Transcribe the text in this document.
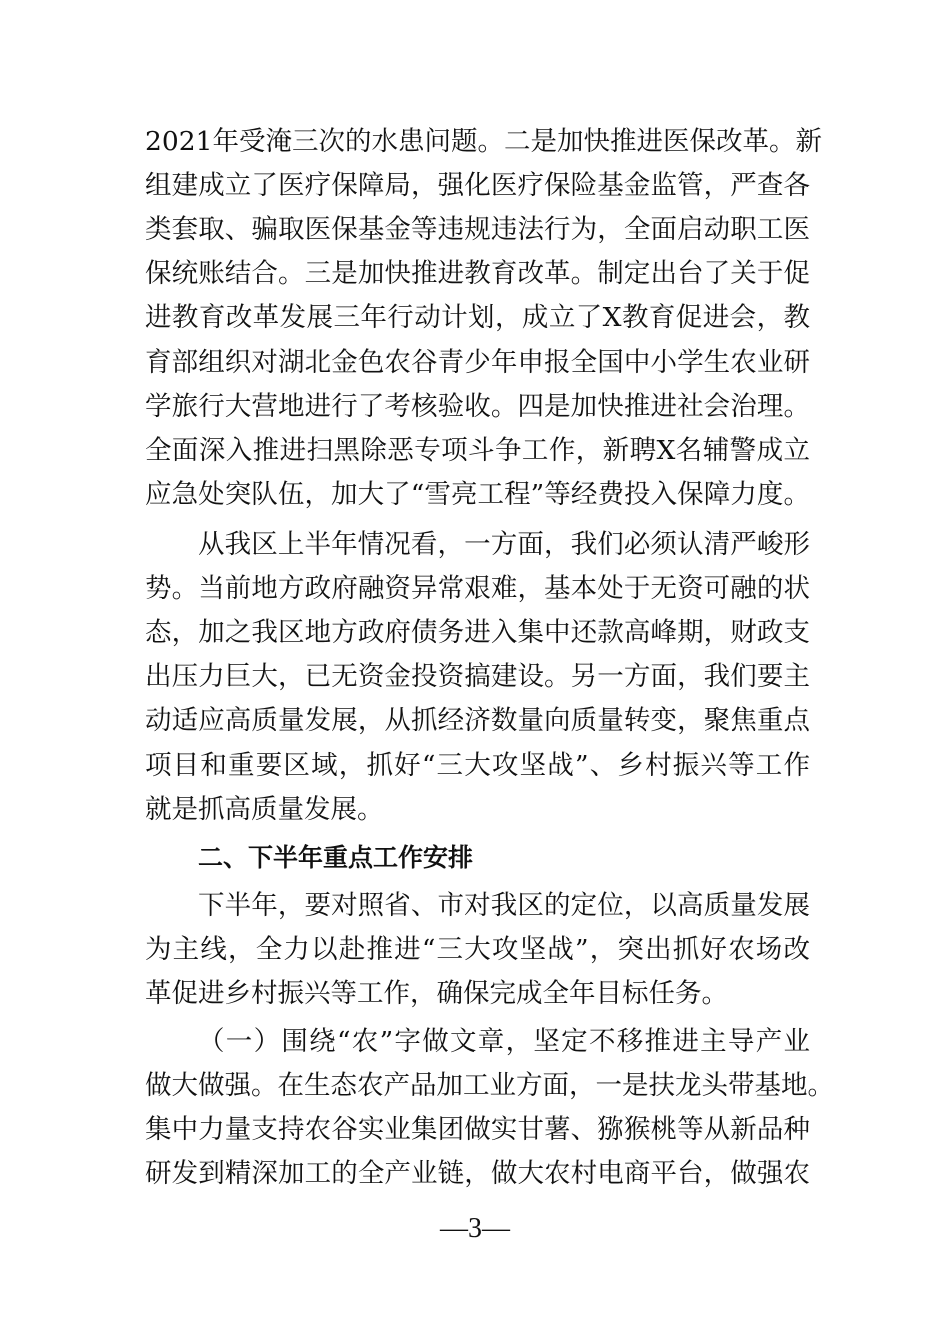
2021年受淹三次的水患问题。二是加快推进医保改革。新
组建成立了医疗保障局，强化医疗保险基金监管，严查各
类套取、骗取医保基金等违规违法行为，全面启动职工医
保统账结合。三是加快推进教育改革。制定出台了关于促
进教育改革发展三年行动计划，成立了X教育促进会，教
育部组织对湖北金色农谷青少年申报全国中小学生农业研
学旅行大营地进行了考核验收。四是加快推进社会治理。
全面深入推进扫黑除恶专项斗争工作，新聘X名辅警成立
应急处突队伍，加大了“雪亮工程”等经费投入保障力度。
从我区上半年情况看，一方面，我们必须认清严峻形
势。当前地方政府融资异常艰难，基本处于无资可融的状
态，加之我区地方政府债务进入集中还款高峰期，财政支
出压力巨大，已无资金投资搞建设。另一方面，我们要主
动适应高质量发展，从抓经济数量向质量转变，聚焦重点
项目和重要区域，抓好“三大攻坚战”、乡村振兴等工作
就是抓高质量发展。
二、下半年重点工作安排
下半年，要对照省、市对我区的定位，以高质量发展
为主线，全力以赴推进“三大攻坚战”，突出抓好农场改
革促进乡村振兴等工作，确保完成全年目标任务。
（一）围绕“农”字做文章，坚定不移推进主导产业
做大做强。在生态农产品加工业方面，一是扶龙头带基地。
集中力量支持农谷实业集团做实甘薯、猕猴桃等从新品种
研发到精深加工的全产业链，做大农村电商平台，做强农
—3—
